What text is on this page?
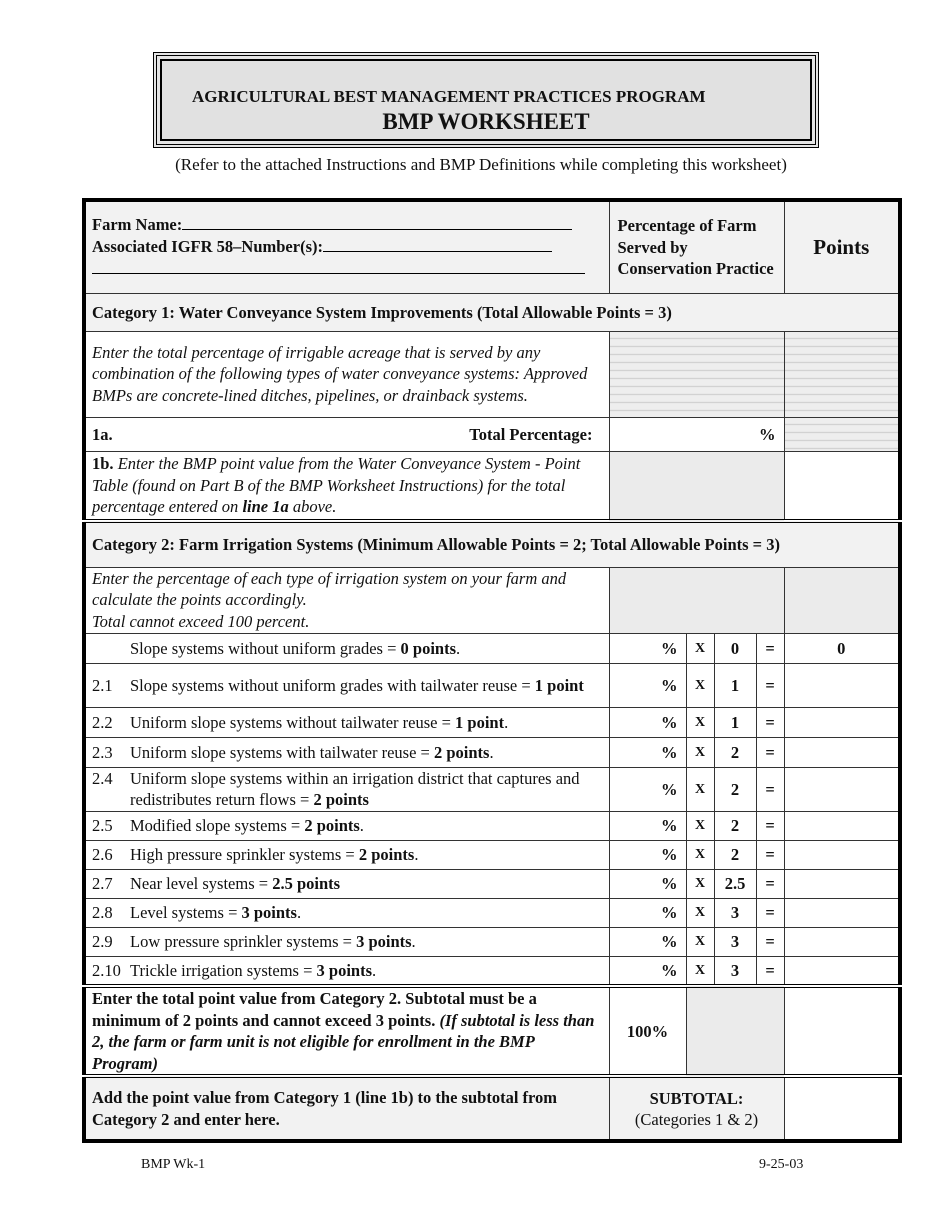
AGRICULTURAL BEST MANAGEMENT PRACTICES PROGRAM
BMP WORKSHEET
(Refer to the attached Instructions and BMP Definitions while completing this worksheet)
Farm Name:
Associated IGFR 58–Number(s):	Percentage of Farm Served by Conservation Practice				Points
Category 1: Water Conveyance System Improvements (Total Allowable Points = 3)					
Enter the total percentage of irrigable acreage that is served by any combination of the following types of water conveyance systems: Approved BMPs are concrete-lined ditches, pipelines, or drainback systems.					
1a. Total Percentage:	%				
1b. Enter the BMP point value from the Water Conveyance System - Point Table (found on Part B of the BMP Worksheet Instructions) for the total percentage entered on line 1a above.					
Category 2: Farm Irrigation Systems (Minimum Allowable Points = 2; Total Allowable Points = 3)					

Enter the percentage of each type of irrigation system on your farm and calculate the points accordingly.
Total cannot exceed 100 percent.					

Slope systems without uniform grades = 0 points.	%	X	0	=	0

2.1 Slope systems without uniform grades with tailwater reuse = 1 point	%	X	1	=	

2.2 Uniform slope systems without tailwater reuse = 1 point.	%	X	1	=	

2.3 Uniform slope systems with tailwater reuse = 2 points.	%	X	2	=	

2.4 Uniform slope systems within an irrigation district that captures and redistributes return flows = 2 points	%	X	2	=	

2.5 Modified slope systems = 2 points.	%	X	2	=	

2.6 High pressure sprinkler systems = 2 points.	%	X	2	=	

2.7 Near level systems = 2.5 points	%	X	2.5	=	

2.8 Level systems = 3 points.	%	X	3	=	

2.9 Low pressure sprinkler systems = 3 points.	%	X	3	=	

2.10 Trickle irrigation systems = 3 points.	%	X	3	=	
Enter the total point value from Category 2. Subtotal must be a minimum of 2 points and cannot exceed 3 points. (If subtotal is less than 2, the farm or farm unit is not eligible for enrollment in the BMP Program)	100%				
Add the point value from Category 1 (line 1b) to the subtotal from Category 2 and enter here.	SUBTOTAL:
(Categories 1 & 2)				

BMP Wk-1	9-25-03
